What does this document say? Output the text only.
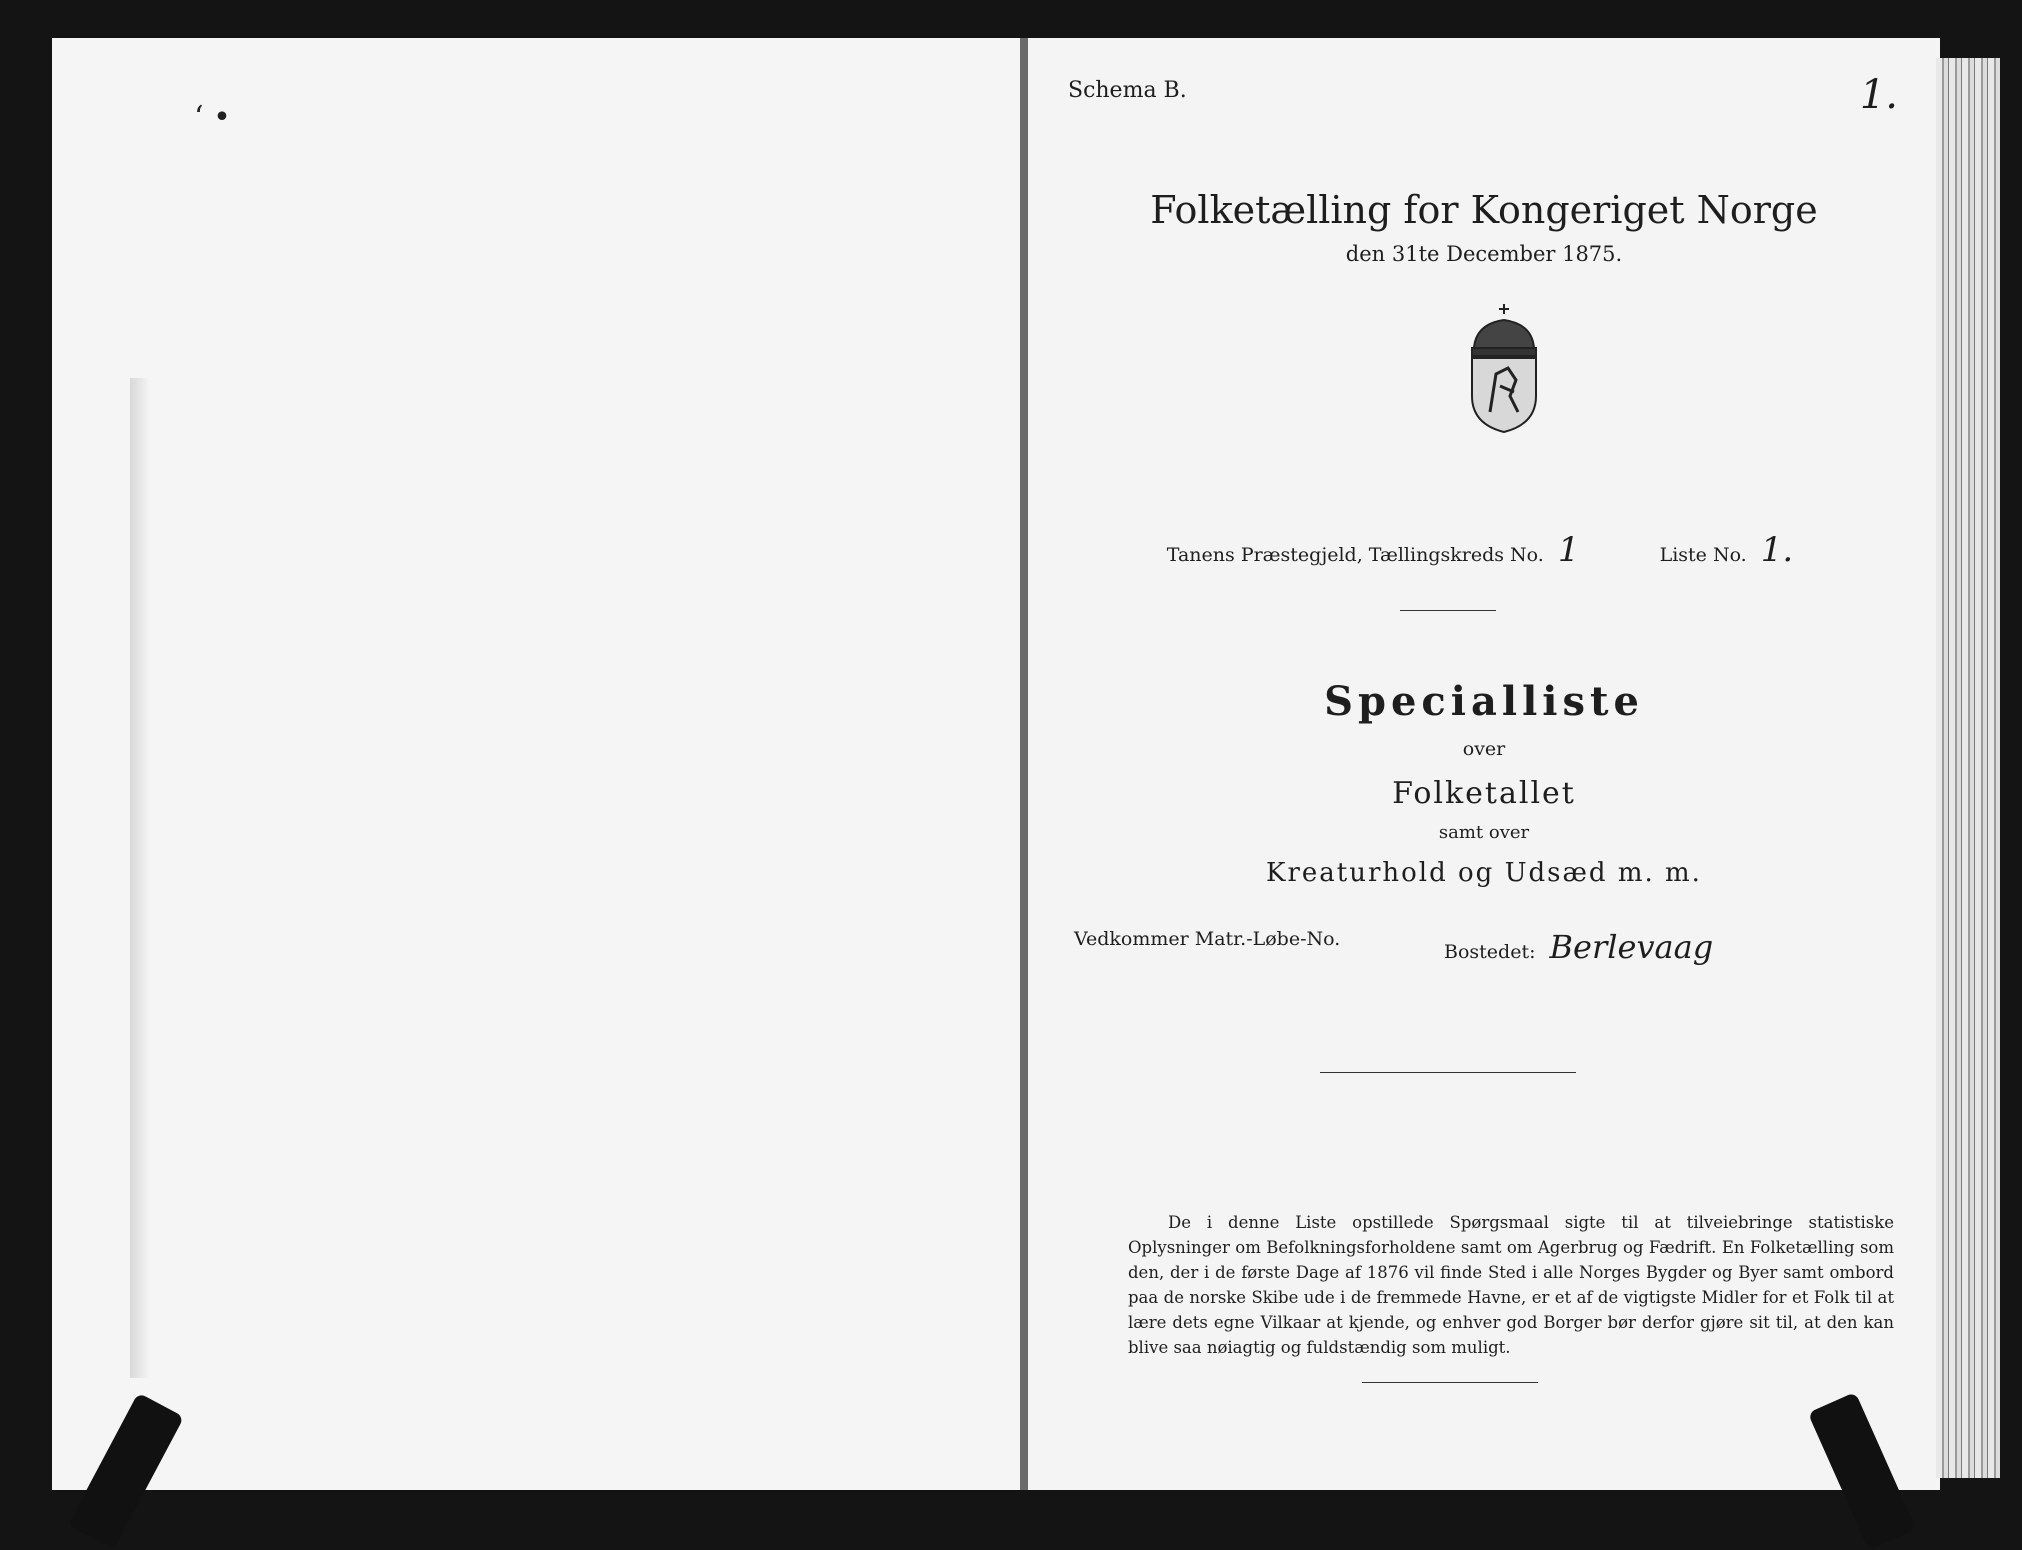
‘ •
Schema B.	1.
Folketælling for Kongeriget Norge
den 31te December 1875.
Tanens Præstegjeld, Tællingskreds No. 1	Liste No. 1.
Specialliste
over
Folketallet
samt over
Kreaturhold og Udsæd m. m.
Vedkommer Matr.-Løbe-No.
Bostedet: Berlevaag
De i denne Liste opstillede Spørgsmaal sigte til at tilveiebringe statistiske Oplysninger om Befolkningsforholdene samt om Agerbrug og Fædrift. En Folketælling som den, der i de første Dage af 1876 vil finde Sted i alle Norges Bygder og Byer samt ombord paa de norske Skibe ude i de fremmede Havne, er et af de vigtigste Midler for et Folk til at lære dets egne Vilkaar at kjende, og enhver god Borger bør derfor gjøre sit til, at den kan blive saa nøiagtig og fuldstændig som muligt.
